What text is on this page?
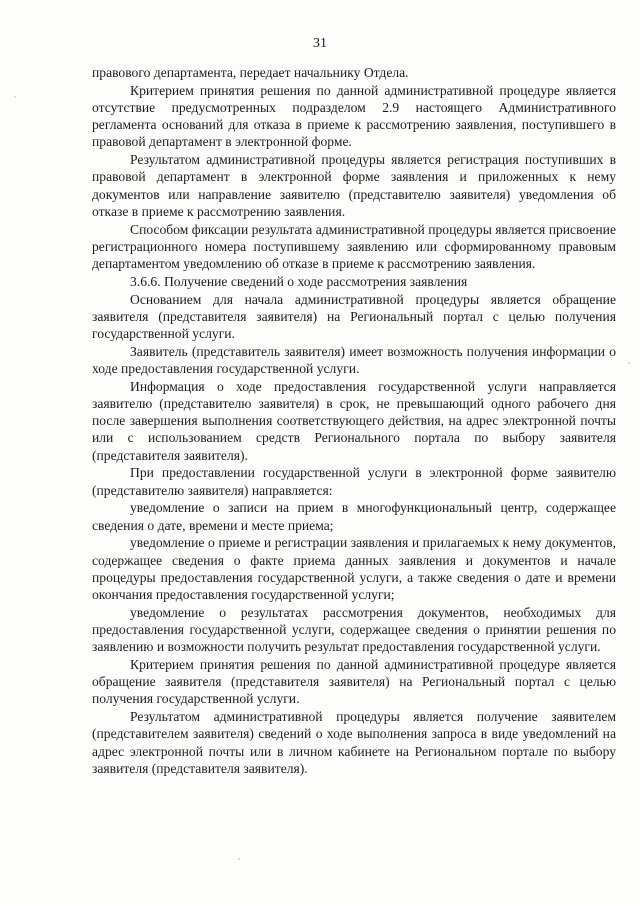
31

правового департамента, передает начальнику Отдела.

Критерием принятия решения по данной административной процедуре является отсутствие предусмотренных подразделом 2.9 настоящего Административного регламента оснований для отказа в приеме к рассмотрению заявления, поступившего в правовой департамент в электронной форме.

Результатом административной процедуры является регистрация поступивших в правовой департамент в электронной форме заявления и приложенных к нему документов или направление заявителю (представителю заявителя) уведомления об отказе в приеме к рассмотрению заявления.

Способом фиксации результата административной процедуры является присвоение регистрационного номера поступившему заявлению или сформированному правовым департаментом уведомлению об отказе в приеме к рассмотрению заявления.

3.6.6. Получение сведений о ходе рассмотрения заявления

Основанием для начала административной процедуры является обращение заявителя (представителя заявителя) на Региональный портал с целью получения государственной услуги.

Заявитель (представитель заявителя) имеет возможность получения информации о ходе предоставления государственной услуги.

Информация о ходе предоставления государственной услуги направляется заявителю (представителю заявителя) в срок, не превышающий одного рабочего дня после завершения выполнения соответствующего действия, на адрес электронной почты или с использованием средств Регионального портала по выбору заявителя (представителя заявителя).

При предоставлении государственной услуги в электронной форме заявителю (представителю заявителя) направляется:

уведомление о записи на прием в многофункциональный центр, содержащее сведения о дате, времени и месте приема;

уведомление о приеме и регистрации заявления и прилагаемых к нему документов, содержащее сведения о факте приема данных заявления и документов и начале процедуры предоставления государственной услуги, а также сведения о дате и времени окончания предоставления государственной услуги;

уведомление о результатах рассмотрения документов, необходимых для предоставления государственной услуги, содержащее сведения о принятии решения по заявлению и возможности получить результат предоставления государственной услуги.

Критерием принятия решения по данной административной процедуре является обращение заявителя (представителя заявителя) на Региональный портал с целью получения государственной услуги.

Результатом административной процедуры является получение заявителем (представителем заявителя) сведений о ходе выполнения запроса в виде уведомлений на адрес электронной почты или в личном кабинете на Региональном портале по выбору заявителя (представителя заявителя).
